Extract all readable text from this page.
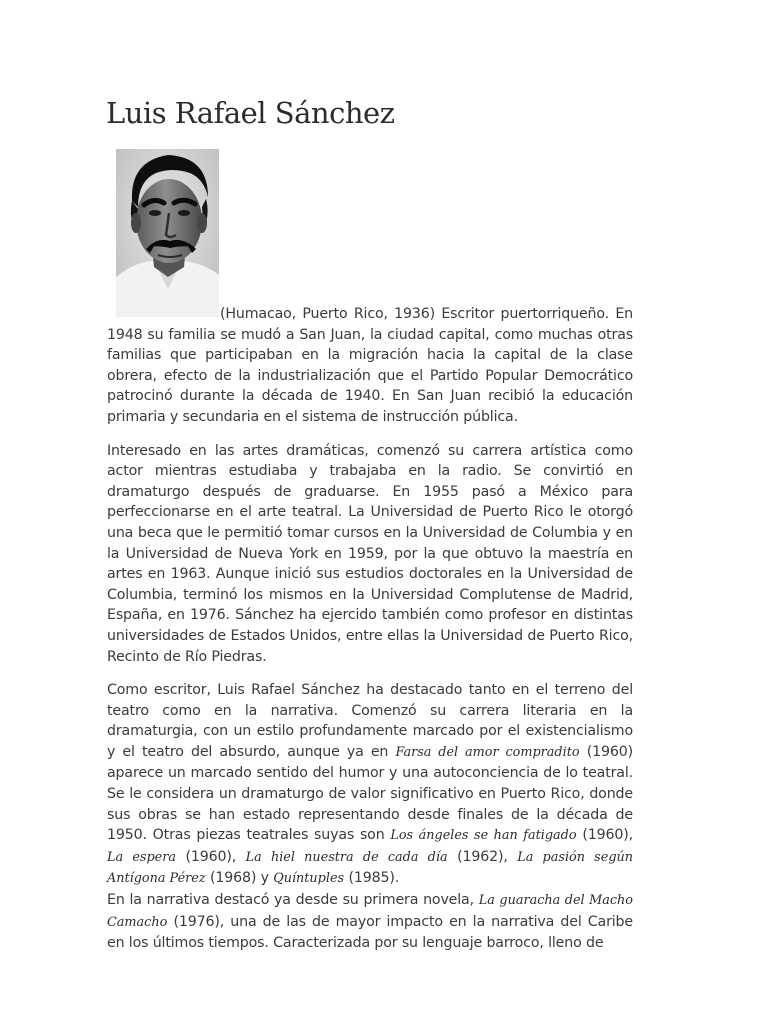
Luis Rafael Sánchez

(Humacao, Puerto Rico, 1936) Escritor puertorriqueño. En 1948 su familia se mudó a San Juan, la ciudad capital, como muchas otras familias que participaban en la migración hacia la capital de la clase obrera, efecto de la industrialización que el Partido Popular Democrático patrocinó durante la década de 1940. En San Juan recibió la educación primaria y secundaria en el sistema de instrucción pública.

Interesado en las artes dramáticas, comenzó su carrera artística como actor mientras estudiaba y trabajaba en la radio. Se convirtió en dramaturgo después de graduarse. En 1955 pasó a México para perfeccionarse en el arte teatral. La Universidad de Puerto Rico le otorgó una beca que le permitió tomar cursos en la Universidad de Columbia y en la Universidad de Nueva York en 1959, por la que obtuvo la maestría en artes en 1963. Aunque inició sus estudios doctorales en la Universidad de Columbia, terminó los mismos en la Universidad Complutense de Madrid, España, en 1976. Sánchez ha ejercido también como profesor en distintas universidades de Estados Unidos, entre ellas la Universidad de Puerto Rico, Recinto de Río Piedras.

Como escritor, Luis Rafael Sánchez ha destacado tanto en el terreno del teatro como en la narrativa. Comenzó su carrera literaria en la dramaturgia, con un estilo profundamente marcado por el existencialismo y el teatro del absurdo, aunque ya en Farsa del amor compradito (1960) aparece un marcado sentido del humor y una autoconciencia de lo teatral. Se le considera un dramaturgo de valor significativo en Puerto Rico, donde sus obras se han estado representando desde finales de la década de 1950. Otras piezas teatrales suyas son Los ángeles se han fatigado (1960), La espera (1960), La hiel nuestra de cada día (1962), La pasión según Antígona Pérez (1968) y Quíntuples (1985).

En la narrativa destacó ya desde su primera novela, La guaracha del Macho Camacho (1976), una de las de mayor impacto en la narrativa del Caribe en los últimos tiempos. Caracterizada por su lenguaje barroco, lleno de
